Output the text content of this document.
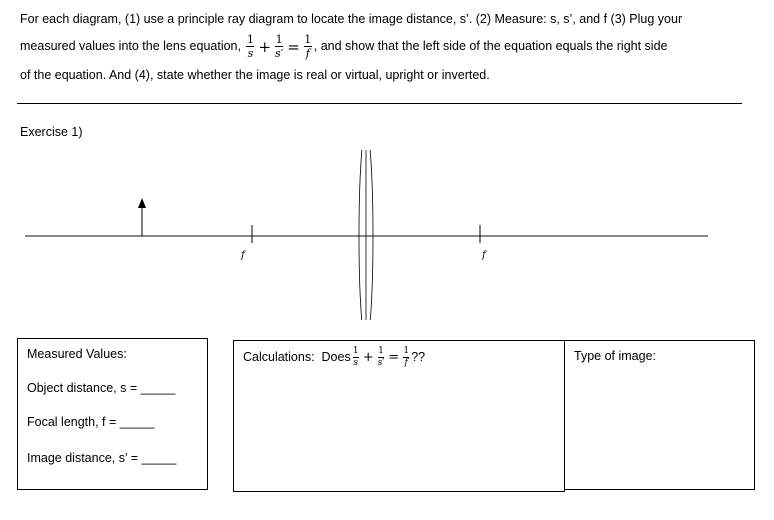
For each diagram, (1) use a principle ray diagram to locate the image distance, s’. (2) Measure: s, s’, and f (3) Plug your
measured values into the lens equation, $\frac{1}{s} + \frac{1}{s'} = \frac{1}{f}$ , and show that the left side of the equation equals the right side
of the equation. And (4), state whether the image is real or virtual, upright or inverted.
Exercise 1)
f	f
Measured Values:
Object distance, s = _____
Focal length, f = _____
Image distance, s’ = _____
Calculations: Does $\frac{1}{s} + \frac{1}{s'} = \frac{1}{f}$ ??	Type of image:
